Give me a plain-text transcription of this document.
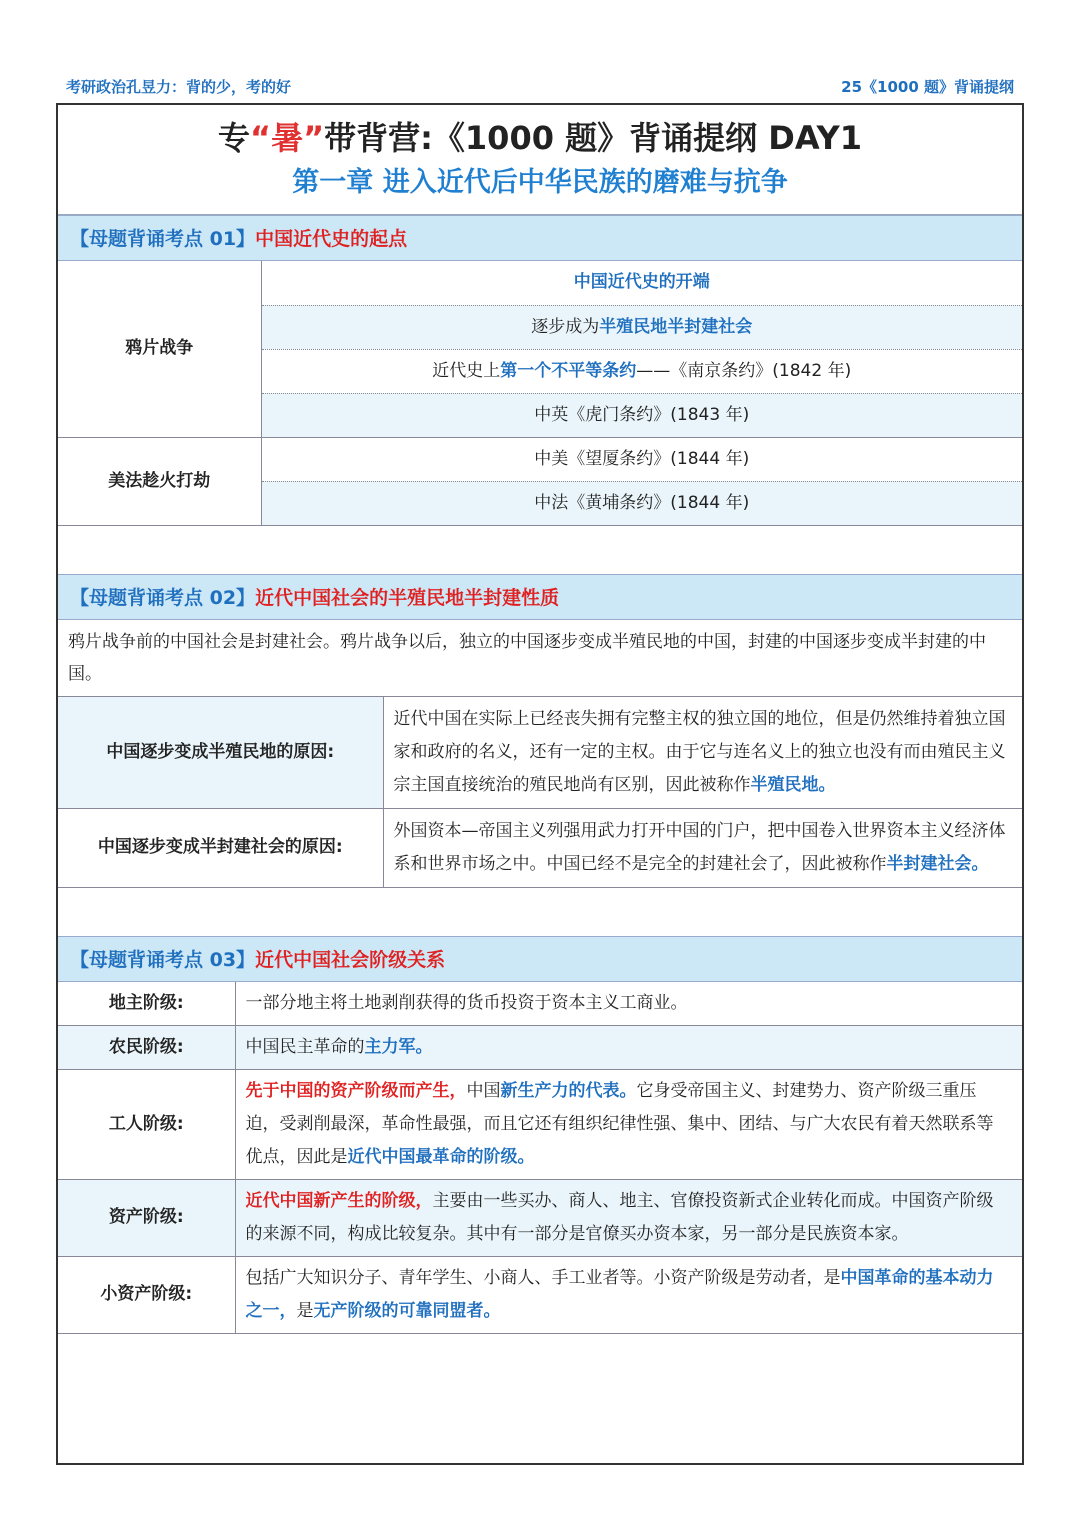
考研政治孔昱力：背的少，考的好	25《1000 题》背诵提纲
专“暑”带背营:《1000 题》背诵提纲 DAY1
第一章 进入近代后中华民族的磨难与抗争
【母题背诵考点 01】中国近代史的起点
鸦片战争	中国近代史的开端
	逐步成为半殖民地半封建社会
	近代史上第一个不平等条约——《南京条约》(1842 年)
	中英《虎门条约》(1843 年)
美法趁火打劫	中美《望厦条约》(1844 年)
	中法《黄埔条约》(1844 年)
【母题背诵考点 02】近代中国社会的半殖民地半封建性质
鸦片战争前的中国社会是封建社会。鸦片战争以后，独立的中国逐步变成半殖民地的中国，封建的中国逐步变成半封建的中国。
中国逐步变成半殖民地的原因:	近代中国在实际上已经丧失拥有完整主权的独立国的地位，但是仍然维持着独立国家和政府的名义，还有一定的主权。由于它与连名义上的独立也没有而由殖民主义宗主国直接统治的殖民地尚有区别，因此被称作半殖民地。
中国逐步变成半封建社会的原因:	外国资本—帝国主义列强用武力打开中国的门户，把中国卷入世界资本主义经济体系和世界市场之中。中国已经不是完全的封建社会了，因此被称作半封建社会。
【母题背诵考点 03】近代中国社会阶级关系
地主阶级:	一部分地主将土地剥削获得的货币投资于资本主义工商业。
农民阶级:	中国民主革命的主力军。
工人阶级:	先于中国的资产阶级而产生，中国新生产力的代表。它身受帝国主义、封建势力、资产阶级三重压迫，受剥削最深，革命性最强，而且它还有组织纪律性强、集中、团结、与广大农民有着天然联系等优点，因此是近代中国最革命的阶级。
资产阶级:	近代中国新产生的阶级，主要由一些买办、商人、地主、官僚投资新式企业转化而成。中国资产阶级的来源不同，构成比较复杂。其中有一部分是官僚买办资本家，另一部分是民族资本家。
小资产阶级:	包括广大知识分子、青年学生、小商人、手工业者等。小资产阶级是劳动者，是中国革命的基本动力之一，是无产阶级的可靠同盟者。
